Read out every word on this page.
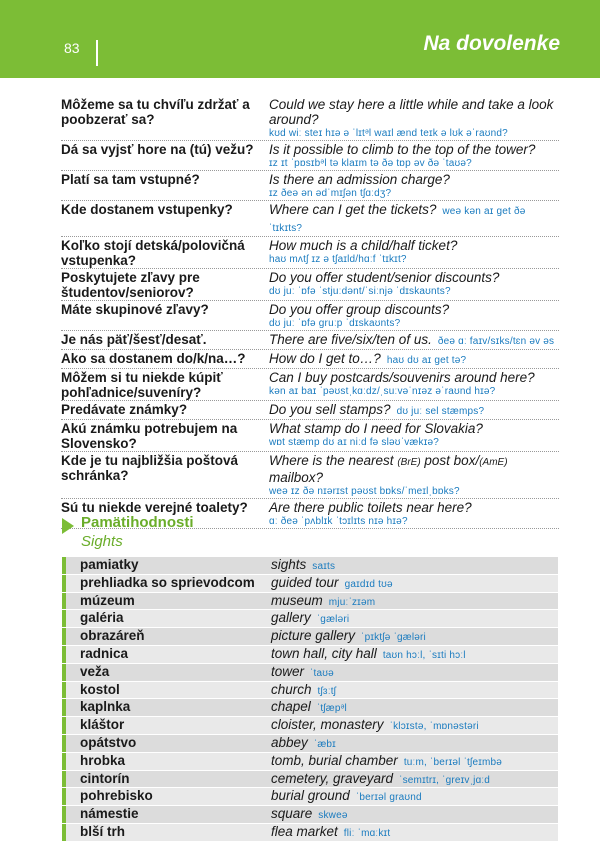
83	Na dovolenke
Môžeme sa tu chvíľu zdržať a poobzerať sa?
Could we stay here a little while and take a look around?
kʊd wiː steɪ hɪə ə ˈlɪtᵊl waɪl ænd teɪk ə lʊk əˈraʊnd?
Dá sa vyjsť hore na (tú) vežu?	Is it possible to climb to the top of the tower?
ɪz ɪt ˈpɒsɪbᵊl tə klaɪm tə ðə tɒp əv ðə ˈtaʊə?
Platí sa tam vstupné?	Is there an admission charge?
ɪz ðeə ən ədˈmɪʃən tʃɑːdʒ?
Kde dostanem vstupenky?	Where can I get the tickets? weə kən aɪ ɡet ðə ˈtɪkɪts?
Koľko stojí detská/polovičná vstupenka?
How much is a child/half ticket?
haʊ mʌtʃ ɪz ə tʃaɪld/hɑːf ˈtɪkɪt?
Poskytujete zľavy pre študentov/seniorov?
Do you offer student/senior discounts?
dʊ juː ˈɒfə ˈstjuːdənt/ˈsiːnjə ˈdɪskaʊnts?
Máte skupinové zľavy?	Do you offer group discounts?
dʊ juː ˈɒfə ɡruːp ˈdɪskaʊnts?
Je nás päť/šesť/desať.	There are five/six/ten of us. ðeə ɑː faɪv/sɪks/tɛn əv əs
Ako sa dostanem do/k/na…?	How do I get to…? haʊ dʊ aɪ ɡet tə?
Môžem si tu niekde kúpiť pohľadnice/suveníry?
Can I buy postcards/souvenirs around here?
kən aɪ baɪ ˈpəʊstˌkɑːdz/ˌsuːvəˈnɪəz əˈraʊnd hɪə?
Predávate známky?	Do you sell stamps? dʊ juː sel stæmps?
Akú známku potrebujem na Slovensko?
What stamp do I need for Slovakia?
wɒt stæmp dʊ aɪ niːd fə sləʊˈvækɪə?
Kde je tu najbližšia poštová schránka?
Where is the nearest (BrE) post box/(AmE) mailbox?
weə ɪz ðə nɪərɪst pəʊst bɒks/ˈmeɪlˌbɒks?
Sú tu niekde verejné toalety?	Are there public toilets near here?
ɑː ðeə ˈpʌblɪk ˈtɔɪlɪts nɪə hɪə?
Pamätihodnosti
Sights
pamiatky	sights saɪts
prehliadka so sprievodcom	guided tour ɡaɪdɪd tʊə
múzeum	museum mjuːˈzɪəm
galéria	gallery ˈɡæləri
obrazáreň	picture gallery ˈpɪktʃə ˈɡæləri
radnica	town hall, city hall taʊn hɔːl, ˈsɪti hɔːl
veža	tower ˈtaʊə
kostol	church tʃɜːtʃ
kaplnka	chapel ˈtʃæpᵊl
kláštor	cloister, monastery ˈklɔɪstə, ˈmɒnəstəri
opátstvo	abbey ˈæbɪ
hrobka	tomb, burial chamber tuːm, ˈberɪəl ˈtʃeɪmbə
cintorín	cemetery, graveyard ˈsemɪtrɪ, ˈɡreɪvˌjɑːd
pohrebisko	burial ground ˈberɪəl ɡraʊnd
námestie	square skweə
blší trh	flea market fliː ˈmɑːkɪt
